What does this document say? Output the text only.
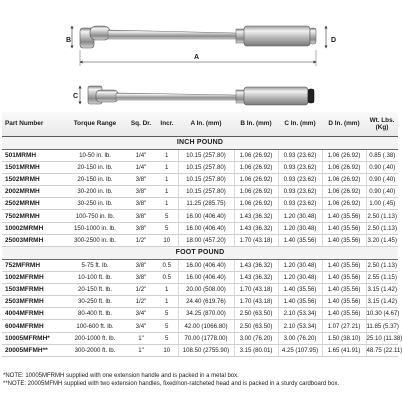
B	D
A
C
Part Number	Torque Range	Sq. Dr.	Incr.	A In. (mm)	B In. (mm)	C In. (mm)	D In. (mm)	Wt. Lbs. (Kg)
INCH POUND								
501MRMH	10-50 in. lb.	1/4"	1	10.15 (257.80)	1.06 (26.92)	0.93 (23.62)	1.06 (26.92)	0.85 (.38)
1501MRMH	20-150 in. lb.	1/4"	1	10.15 (257.80)	1.06 (26.92)	0.93 (23.62)	1.06 (26.92)	0.90 (.40)
1502MRMH	20-150 in. lb.	3/8"	1	10.15 (257.80)	1.06 (26.92)	0.93 (23.62)	1.06 (26.92)	0.90 (.40)
2002MRMH	30-200 in. lb.	3/8"	1	10.15 (257.80)	1.06 (26.92)	0.93 (23.62)	1.06 (26.92)	0.90 (.40)
2502MRMH	30-250 in. lb.	3/8"	1	11.25 (285.75)	1.06 (26.92)	0.93 (23.62)	1.06 (26.92)	1.00 (.45)
7502MRMH	100-750 in. lb.	3/8"	5	16.00 (406.40)	1.43 (36.32)	1.20 (30.48)	1.40 (35.56)	2.50 (1.13)
10002MRMH	150-1000 in. lb.	3/8"	5	16.00 (406.40)	1.43 (36.32)	1.20 (30.48)	1.40 (35.56)	2.50 (1.13)
25003MRMH	300-2500 in. lb.	1/2"	10	18.00 (457.20)	1.70 (43.18)	1.40 (35.56)	1.40 (35.56)	3.20 (1.45)
FOOT POUND								
752MFRMH	5-75 ft. lb.	3/8"	0.5	16.00 (406.40)	1.43 (36.32)	1.20 (30.48)	1.40 (35.56)	2.50 (1.13)
1002MFRMH	10-100 ft. lb.	3/8"	0.5	16.00 (406.40)	1.43 (36.32)	1.20 (30.48)	1.40 (35.56)	2.55 (1.15)
1503MFRMH	20-150 ft. lb.	1/2"	1	20.00 (508.00)	1.70 (43.18)	1.40 (35.56)	1.40 (35.56)	3.15 (1.42)
2503MFRMH	30-250 ft. lb.	1/2"	1	24.40 (619.76)	1.70 (43.18)	1.40 (35.56)	1.40 (35.56)	3.15 (1.42)
4004MFRMH	80-400 ft. lb.	3/4"	5	34.25 (870.00)	2.50 (63.50)	2.10 (53.34)	1.40 (35.56)	10.30 (4.67)
6004MFRMH	100-600 ft. lb.	3/4"	5	42.00 (1066.80)	2.50 (63.50)	2.10 (53.34)	1.07 (27.21)	11.85 (5.37)
10005MFRMH*	200-1000 ft. lb.	1"	5	70.00 (1778.00)	3.00 (76.20)	3.00 (76.20)	1.50 (38.10)	25.10 (11.38)
20005MFMH**	300-2000 ft. lb.	1"	10	108.50 (2755.90)	3.15 (80.01)	4.25 (107.95)	1.65 (41.91)	48.75 (22.11)
*NOTE: 10005MFRMH supplied with one extension handle and is packed in a metal box.
**NOTE: 20005MFMH supplied with two extension handles, fixed/non-ratcheted head and is packed in a sturdy cardboard box.
